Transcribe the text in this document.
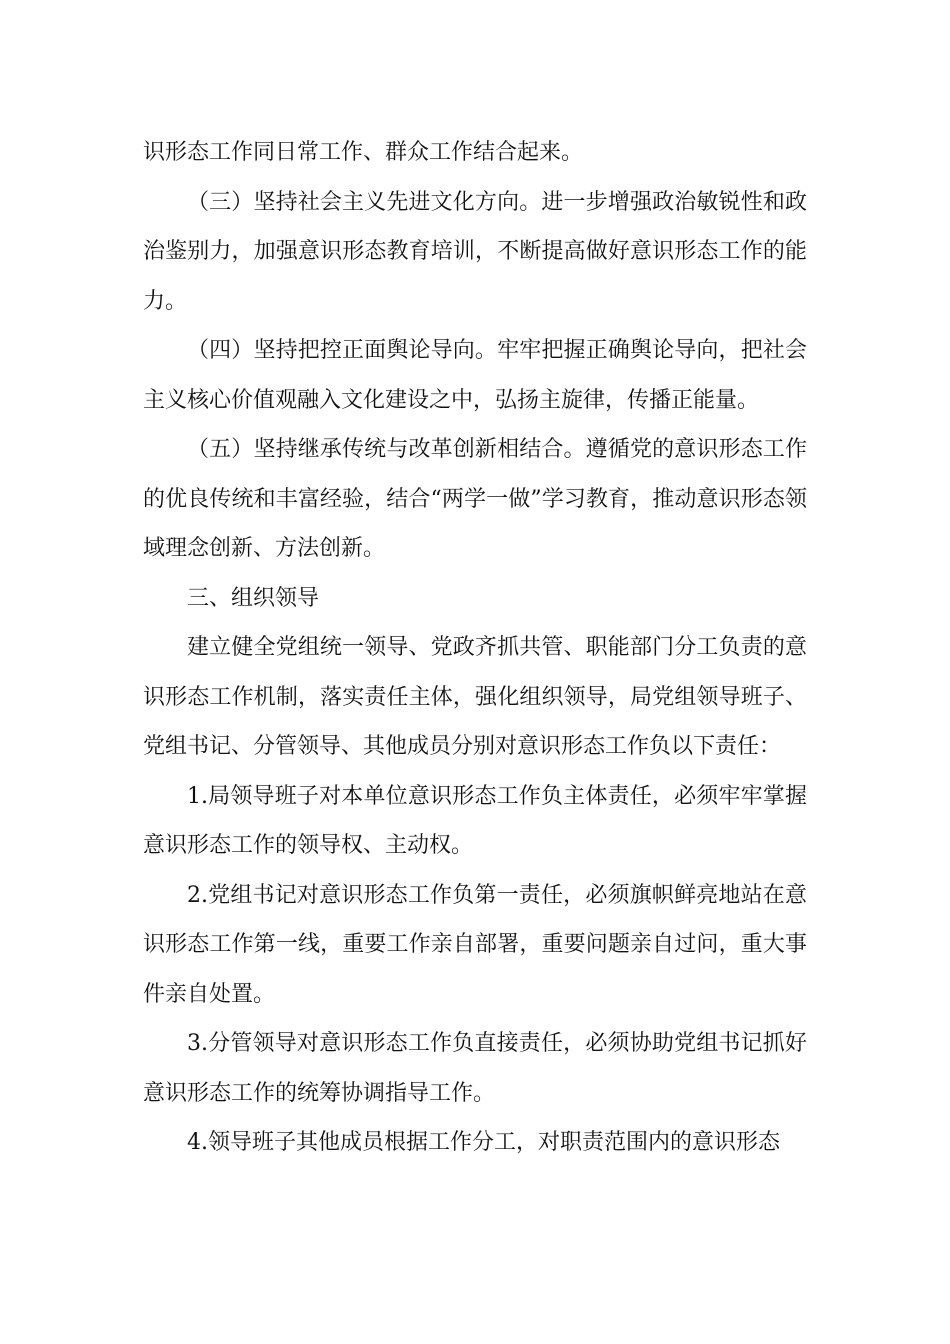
识形态工作同日常工作、群众工作结合起来。

（三）坚持社会主义先进文化方向。进一步增强政治敏锐性和政治鉴别力，加强意识形态教育培训，不断提高做好意识形态工作的能力。

（四）坚持把控正面舆论导向。牢牢把握正确舆论导向，把社会主义核心价值观融入文化建设之中，弘扬主旋律，传播正能量。

（五）坚持继承传统与改革创新相结合。遵循党的意识形态工作的优良传统和丰富经验，结合“两学一做”学习教育，推动意识形态领域理念创新、方法创新。

三、组织领导

建立健全党组统一领导、党政齐抓共管、职能部门分工负责的意识形态工作机制，落实责任主体，强化组织领导，局党组领导班子、党组书记、分管领导、其他成员分别对意识形态工作负以下责任：

1.局领导班子对本单位意识形态工作负主体责任，必须牢牢掌握意识形态工作的领导权、主动权。

2.党组书记对意识形态工作负第一责任，必须旗帜鲜亮地站在意识形态工作第一线，重要工作亲自部署，重要问题亲自过问，重大事件亲自处置。

3.分管领导对意识形态工作负直接责任，必须协助党组书记抓好意识形态工作的统筹协调指导工作。

4.领导班子其他成员根据工作分工，对职责范围内的意识形态
